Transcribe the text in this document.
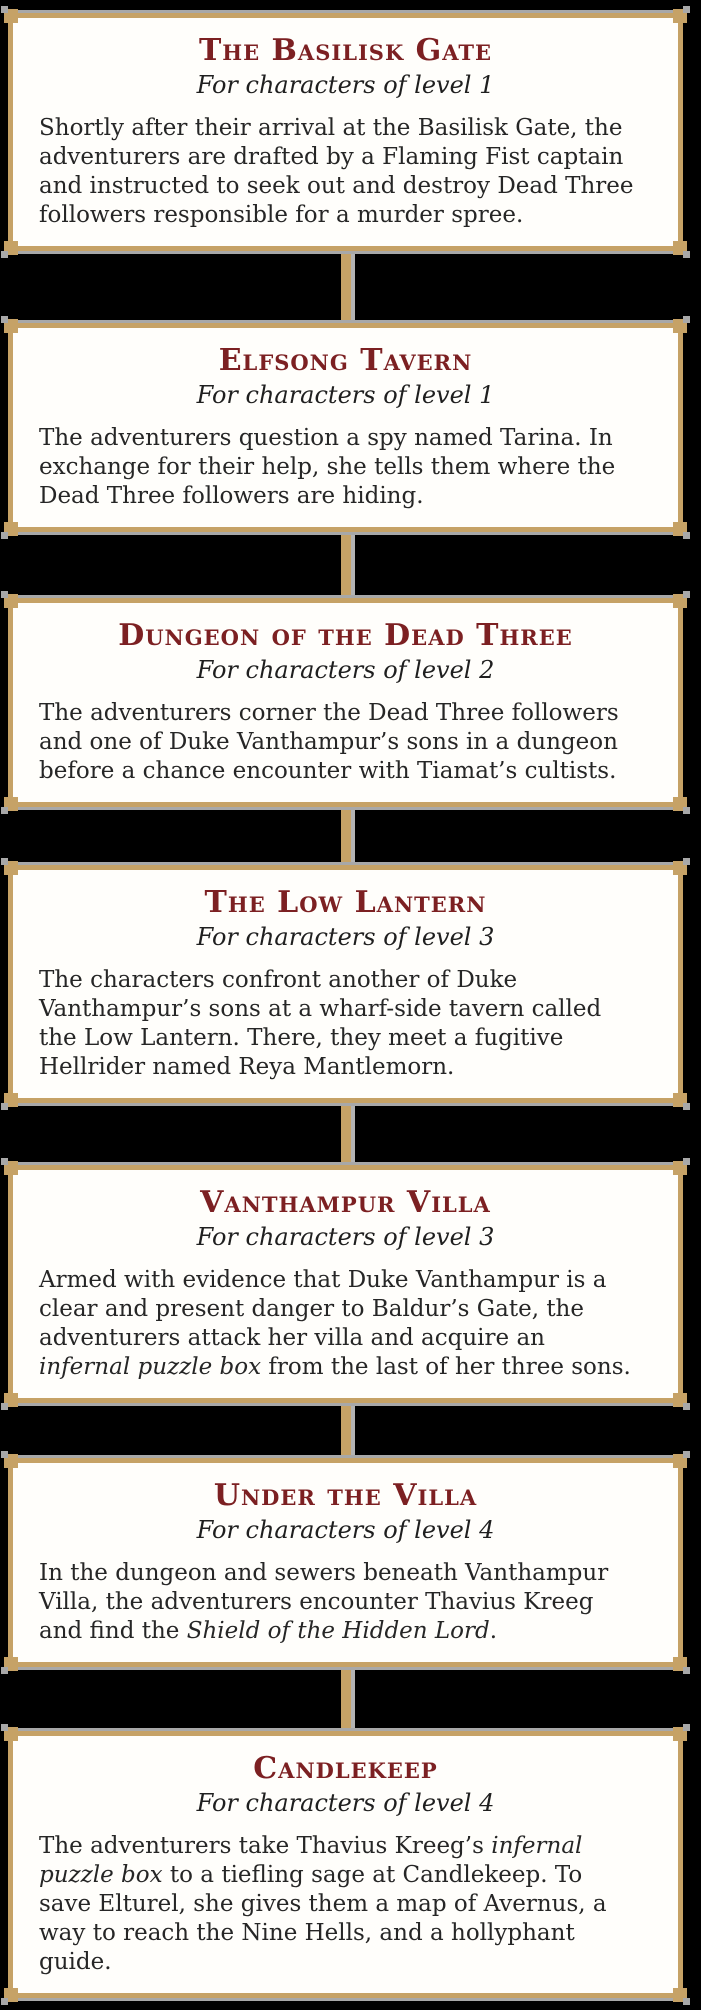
The Basilisk Gate

For characters of level 1

Shortly after their arrival at the Basilisk Gate, the adventurers are drafted by a Flaming Fist captain and instructed to seek out and destroy Dead Three followers responsible for a murder spree.

Elfsong Tavern

For characters of level 1

The adventurers question a spy named Tarina. In exchange for their help, she tells them where the Dead Three followers are hiding.

Dungeon of the Dead Three

For characters of level 2

The adventurers corner the Dead Three followers and one of Duke Vanthampur’s sons in a dungeon before a chance encounter with Tiamat’s cultists.

The Low Lantern

For characters of level 3

The characters confront another of Duke Vanthampur’s sons at a wharf-side tavern called the Low Lantern. There, they meet a fugitive Hellrider named Reya Mantlemorn.

Vanthampur Villa

For characters of level 3

Armed with evidence that Duke Vanthampur is a clear and present danger to Baldur’s Gate, the adventurers attack her villa and acquire an infernal puzzle box from the last of her three sons.

Under the Villa

For characters of level 4

In the dungeon and sewers beneath Vanthampur Villa, the adventurers encounter Thavius Kreeg and find the Shield of the Hidden Lord.

Candlekeep

For characters of level 4

The adventurers take Thavius Kreeg’s infernal puzzle box to a tiefling sage at Candlekeep. To save Elturel, she gives them a map of Avernus, a way to reach the Nine Hells, and a hollyphant guide.
